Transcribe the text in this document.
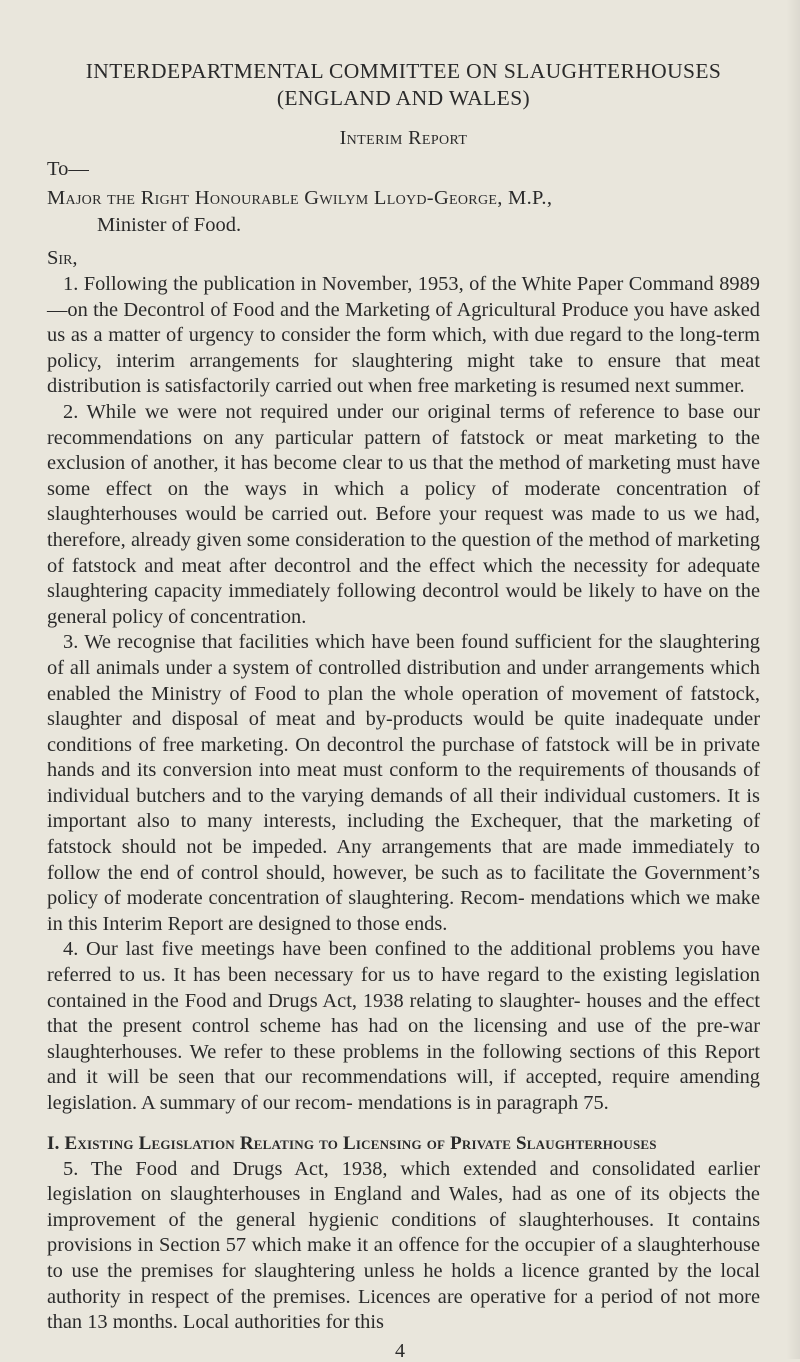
INTERDEPARTMENTAL COMMITTEE ON SLAUGHTERHOUSES
(ENGLAND AND WALES)
Interim Report

To—

Major the Right Honourable Gwilym Lloyd-George, M.P.,

Minister of Food.

Sir,

1. Following the publication in November, 1953, of the White Paper Command 8989—on the Decontrol of Food and the Marketing of Agricultural Produce you have asked us as a matter of urgency to consider the form which, with due regard to the long-term policy, interim arrangements for slaughtering might take to ensure that meat distribution is satisfactorily carried out when free marketing is resumed next summer.

2. While we were not required under our original terms of reference to base our recommendations on any particular pattern of fatstock or meat marketing to the exclusion of another, it has become clear to us that the method of marketing must have some effect on the ways in which a policy of moderate concentration of slaughterhouses would be carried out. Before your request was made to us we had, therefore, already given some consideration to the question of the method of marketing of fatstock and meat after decontrol and the effect which the necessity for adequate slaughtering capacity immediately following decontrol would be likely to have on the general policy of concentration.

3. We recognise that facilities which have been found sufficient for the slaughtering of all animals under a system of controlled distribution and under arrangements which enabled the Ministry of Food to plan the whole operation of movement of fatstock, slaughter and disposal of meat and by-products would be quite inadequate under conditions of free marketing. On decontrol the purchase of fatstock will be in private hands and its conversion into meat must conform to the requirements of thousands of individual butchers and to the varying demands of all their individual customers. It is important also to many interests, including the Exchequer, that the marketing of fatstock should not be impeded. Any arrangements that are made immediately to follow the end of control should, however, be such as to facilitate the Government’s policy of moderate concentration of slaughtering. Recom- mendations which we make in this Interim Report are designed to those ends.

4. Our last five meetings have been confined to the additional problems you have referred to us. It has been necessary for us to have regard to the existing legislation contained in the Food and Drugs Act, 1938 relating to slaughter- houses and the effect that the present control scheme has had on the licensing and use of the pre-war slaughterhouses. We refer to these problems in the following sections of this Report and it will be seen that our recommendations will, if accepted, require amending legislation. A summary of our recom- mendations is in paragraph 75.

I. Existing Legislation Relating to Licensing of Private Slaughterhouses

5. The Food and Drugs Act, 1938, which extended and consolidated earlier legislation on slaughterhouses in England and Wales, had as one of its objects the improvement of the general hygienic conditions of slaughterhouses. It contains provisions in Section 57 which make it an offence for the occupier of a slaughterhouse to use the premises for slaughtering unless he holds a licence granted by the local authority in respect of the premises. Licences are operative for a period of not more than 13 months. Local authorities for this

4
